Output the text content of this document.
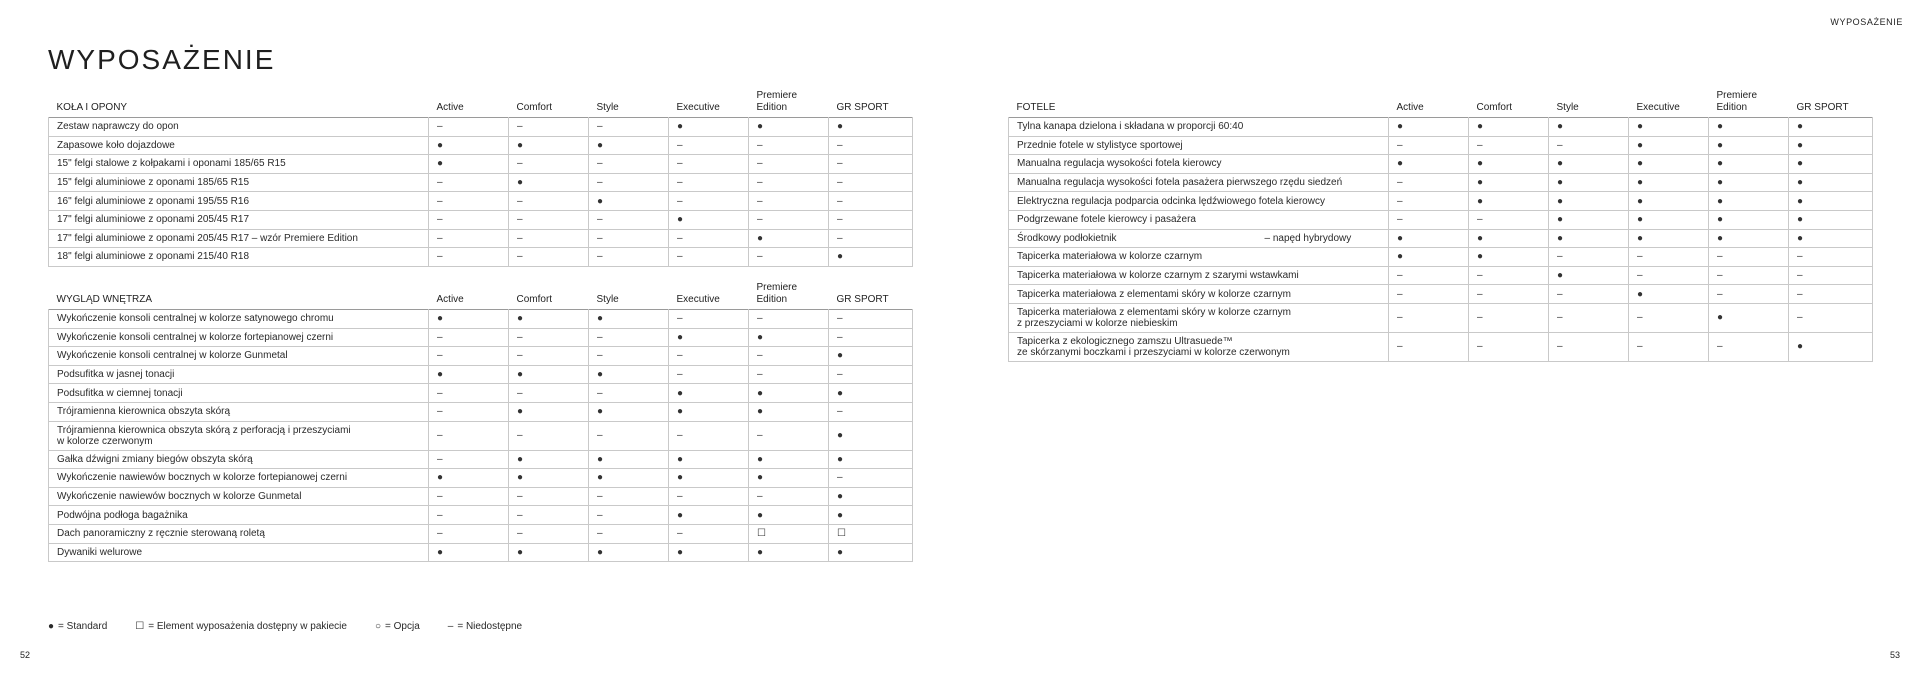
WYPOSAŻENIE
WYPOSAŻENIE
KOŁA I OPONY	Active	Comfort	Style	Executive	Premiere
Edition	GR SPORT
Zestaw naprawczy do opon	–	–	–	●	●	●
Zapasowe koło dojazdowe	●	●	●	–	–	–
15" felgi stalowe z kołpakami i oponami 185/65 R15	●	–	–	–	–	–
15" felgi aluminiowe z oponami 185/65 R15	–	●	–	–	–	–
16" felgi aluminiowe z oponami 195/55 R16	–	–	●	–	–	–
17" felgi aluminiowe z oponami 205/45 R17	–	–	–	●	–	–
17" felgi aluminiowe z oponami 205/45 R17 – wzór Premiere Edition	–	–	–	–	●	–
18" felgi aluminiowe z oponami 215/40 R18	–	–	–	–	–	●
WYGLĄD WNĘTRZA	Active	Comfort	Style	Executive	Premiere
Edition	GR SPORT
Wykończenie konsoli centralnej w kolorze satynowego chromu	●	●	●	–	–	–
Wykończenie konsoli centralnej w kolorze fortepianowej czerni	–	–	–	●	●	–
Wykończenie konsoli centralnej w kolorze Gunmetal	–	–	–	–	–	●
Podsufitka w jasnej tonacji	●	●	●	–	–	–
Podsufitka w ciemnej tonacji	–	–	–	●	●	●
Trójramienna kierownica obszyta skórą	–	●	●	●	●	–
Trójramienna kierownica obszyta skórą z perforacją i przeszyciami
w kolorze czerwonym	–	–	–	–	–	●
Gałka dźwigni zmiany biegów obszyta skórą	–	●	●	●	●	●
Wykończenie nawiewów bocznych w kolorze fortepianowej czerni	●	●	●	●	●	–
Wykończenie nawiewów bocznych w kolorze Gunmetal	–	–	–	–	–	●
Podwójna podłoga bagażnika	–	–	–	●	●	●
Dach panoramiczny z ręcznie sterowaną roletą	–	–	–	–	☐	☐
Dywaniki welurowe	●	●	●	●	●	●
FOTELE	Active	Comfort	Style	Executive	Premiere
Edition	GR SPORT
Tylna kanapa dzielona i składana w proporcji 60:40	●	●	●	●	●	●
Przednie fotele w stylistyce sportowej	–	–	–	●	●	●
Manualna regulacja wysokości fotela kierowcy	●	●	●	●	●	●
Manualna regulacja wysokości fotela pasażera pierwszego rzędu siedzeń	–	●	●	●	●	●
Elektryczna regulacja podparcia odcinka lędźwiowego fotela kierowcy	–	●	●	●	●	●
Podgrzewane fotele kierowcy i pasażera	–	–	●	●	●	●
Środkowy podłokietnik – napęd hybrydowy	●	●	●	●	●	●
Tapicerka materiałowa w kolorze czarnym	●	●	–	–	–	–
Tapicerka materiałowa w kolorze czarnym z szarymi wstawkami	–	–	●	–	–	–
Tapicerka materiałowa z elementami skóry w kolorze czarnym	–	–	–	●	–	–
Tapicerka materiałowa z elementami skóry w kolorze czarnym
z przeszyciami w kolorze niebieskim	–	–	–	–	●	–
Tapicerka z ekologicznego zamszu Ultrasuede™
ze skórzanymi boczkami i przeszyciami w kolorze czerwonym	–	–	–	–	–	●
● = Standard	☐ = Element wyposażenia dostępny w pakiecie	○ = Opcja	– = Niedostępne
52	53
